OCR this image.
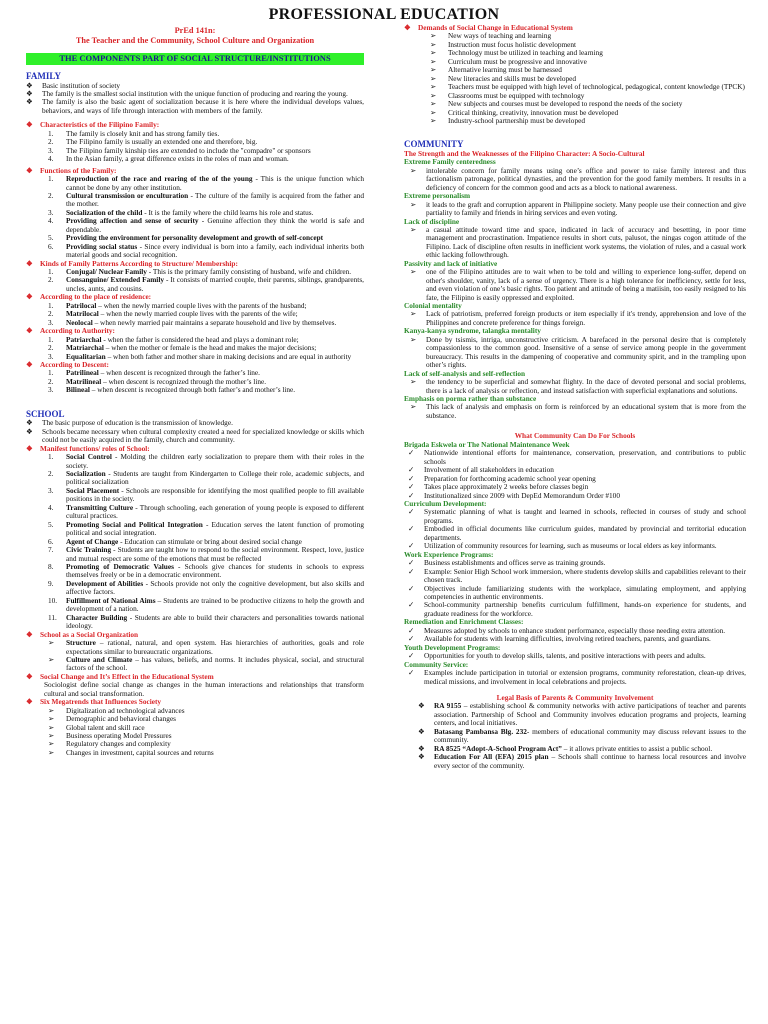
PROFESSIONAL EDUCATION
PrEd 141n:
The Teacher and the Community, School Culture and Organization
THE COMPONENTS PART OF SOCIAL STRUCTURE/INSTITUTIONS
FAMILY
❖	Basic institution of society
❖	The family is the smallest social institution with the unique function of producing and rearing the young.
❖	The family is also the basic agent of socialization because it is here where the individual develops values, behaviors, and ways of life through interaction with members of the family.
❖	Characteristics of the Filipino Family:
1.	The family is closely knit and has strong family ties.
2.	The Filipino family is usually an extended one and therefore, big.
3.	The Filipino family kinship ties are extended to include the "compadre" or sponsors
4.	In the Asian family, a great difference exists in the roles of man and woman.
❖	Functions of the Family:
1.	Reproduction of the race and rearing of the of the young - This is the unique function which cannot be done by any other institution.
2.	Cultural transmission or enculturation - The culture of the family is acquired from the father and the mother.
3.	Socialization of the child - It is the family where the child learns his role and status.
4.	Providing affection and sense of security - Genuine affection they think the world is safe and dependable.
5.	Providing the environment for personality development and growth of self-concept
6.	Providing social status - Since every individual is born into a family, each individual inherits both material goods and social recognition.
❖	Kinds of Family Patterns According to Structure/ Membership:
1.	Conjugal/ Nuclear Family - This is the primary family consisting of husband, wife and children.
2.	Consanguine/ Extended Family - It consists of married couple, their parents, siblings, grandparents, uncles, aunts, and cousins.
❖	According to the place of residence:
1.	Patrilocal – when the newly married couple lives with the parents of the husband;
2.	Matrilocal – when the newly married couple lives with the parents of the wife;
3.	Neolocal – when newly married pair maintains a separate household and live by themselves.
❖	According to Authority:
1.	Patriarchal - when the father is considered the head and plays a dominant role;
2.	Matriarchal – when the mother or female is the head and makes the major decisions;
3.	Equalitarian – when both father and mother share in making decisions and are equal in authority
❖	According to Descent:
1.	Patrilineal – when descent is recognized through the father’s line.
2.	Matrilineal – when descent is recognized through the mother’s line.
3.	Bilineal – when descent is recognized through both father’s and mother’s line.
SCHOOL
❖	The basic purpose of education is the transmission of knowledge.
❖	Schools became necessary when cultural complexity created a need for specialized knowledge or skills which could not be easily acquired in the family, church and community.
❖	Manifest functions/ roles of School:
1.	Social Control - Molding the children early socialization to prepare them with their roles in the society.
2.	Socialization - Students are taught from Kindergarten to College their role, academic subjects, and political socialization
3.	Social Placement - Schools are responsible for identifying the most qualified people to fill available positions in the society.
4.	Transmitting Culture - Through schooling, each generation of young people is exposed to different cultural practices.
5.	Promoting Social and Political Integration - Education serves the latent function of promoting political and social integration.
6.	Agent of Change - Education can stimulate or bring about desired social change
7.	Civic Training - Students are taught how to respond to the social environment. Respect, love, justice and mutual respect are some of the emotions that must be reflected
8.	Promoting of Democratic Values - Schools give chances for students in schools to express themselves freely or be in a democratic environment.
9.	Development of Abilities - Schools provide not only the cognitive development, but also skills and affective factors.
10.	Fulfillment of National Aims – Students are trained to be productive citizens to help the growth and development of a nation.
11.	Character Building - Students are able to build their characters and personalities towards national ideology.
❖	School as a Social Organization
➢	Structure – rational, natural, and open system. Has hierarchies of authorities, goals and role expectations similar to bureaucratic organizations.
➢	Culture and Climate – has values, beliefs, and norms. It includes physical, social, and structural factors of the school.
❖	Social Change and It’s Effect in the Educational System
Sociologist define social change as changes in the human interactions and relationships that transform cultural and social transformation.
❖	Six Megatrends that Influences Society
➢	Digitalization ad technological advances
➢	Demographic and behavioral changes
➢	Global talent and skill race
➢	Business operating Model Pressures
➢	Regulatory changes and complexity
➢	Changes in investment, capital sources and returns
❖	Demands of Social Change in Educational System
➢	New ways of teaching and learning
➢	Instruction must focus holistic development
➢	Technology must be utilized in teaching and learning
➢	Curriculum must be progressive and innovative
➢	Alternative learning must be harnessed
➢	New literacies and skills must be developed
➢	Teachers must be equipped with high level of technological, pedagogical, content knowledge (TPCK)
➢	Classrooms must be equipped with technology
➢	New subjects and courses must be developed to respond the needs of the society
➢	Critical thinking, creativity, innovation must be developed
➢	Industry-school partnership must be developed
COMMUNITY
The Strength and the Weaknesses of the Filipino Character: A Socio-Cultural
Extreme Family centeredness
➢	intolerable concern for family means using one’s office and power to raise family interest and thus factionalism patronage, political dynasties, and the prevention for the good family members. It results in a deficiency of concern for the common good and acts as a block to national awareness.
Extreme personalism
➢	it leads to the graft and corruption apparent in Philippine society. Many people use their connection and give partiality to family and friends in hiring services and even voting.
Lack of discipline
➢	a casual attitude toward time and space, indicated in lack of accuracy and besetting, in poor time management and procrastination. Impatience results in short cuts, palusot, the ningas cogon attitude of the Filipino. Lack of discipline often results in inefficient work systems, the violation of rules, and a casual work ethic lacking followthrough.
Passivity and lack of initiative
➢	one of the Filipino attitudes are to wait when to be told and willing to experience long-suffer, depend on other's shoulder, vanity, lack of a sense of urgency. There is a high tolerance for inefficiency, settle for less, and even violation of one’s basic rights. Too patient and attitude of being a matiisin, too easily resigned to his fate, the Filipino is easily oppressed and exploited.
Colonial mentality
➢	Lack of patriotism, preferred foreign products or item especially if it's trendy, apprehension and love of the Philippines and concrete preference for things foreign.
Kanya-kanya syndrome, talangka mentality
➢	Done by tsismis, intriga, unconstructive criticism. A barefaced in the personal desire that is completely compassionless to the common good. Insensitive of a sense of service among people in the government bureaucracy. This results in the dampening of cooperative and community spirit, and in the trampling upon other’s rights.
Lack of self-analysis and self-reflection
➢	the tendency to be superficial and somewhat flighty. In the dace of devoted personal and social problems, there is a lack of analysis or reflection, and instead satisfaction with superficial explanations and solutions.
Emphasis on porma rather than substance
➢	This lack of analysis and emphasis on form is reinforced by an educational system that is more from the substance.
What Community Can Do For Schools
Brigada Eskwela or The National Maintenance Week
✓	Nationwide intentional efforts for maintenance, conservation, preservation, and contributions to public schools
✓	Involvement of all stakeholders in education
✓	Preparation for forthcoming academic school year opening
✓	Takes place approximately 2 weeks before classes begin
✓	Institutionalized since 2009 with DepEd Memorandum Order #100
Curriculum Development:
✓	Systematic planning of what is taught and learned in schools, reflected in courses of study and school programs.
✓	Embodied in official documents like curriculum guides, mandated by provincial and territorial education departments.
✓	Utilization of community resources for learning, such as museums or local elders as key informants.
Work Experience Programs:
✓	Business establishments and offices serve as training grounds.
✓	Example: Senior High School work immersion, where students develop skills and capabilities relevant to their chosen track.
✓	Objectives include familiarizing students with the workplace, simulating employment, and applying competencies in authentic environments.
✓	School-community partnership benefits curriculum fulfillment, hands-on experience for students, and graduate readiness for the workforce.
Remediation and Enrichment Classes:
✓	Measures adopted by schools to enhance student performance, especially those needing extra attention.
✓	Available for students with learning difficulties, involving retired teachers, parents, and guardians.
Youth Development Programs:
✓	Opportunities for youth to develop skills, talents, and positive interactions with peers and adults.
Community Service:
✓	Examples include participation in tutorial or extension programs, community reforestation, clean-up drives, medical missions, and involvement in local celebrations and projects.
Legal Basis of Parents & Community Involvement
❖	RA 9155 – establishing school & community networks with active participations of teacher and parents association. Partnership of School and Community involves education programs and projects, learning centers, and local initiatives.
❖	Batasang Pambansa Blg. 232- members of educational community may discuss relevant issues to the community.
❖	RA 8525 “Adopt-A-School Program Act” – it allows private entities to assist a public school.
❖	Education For All (EFA) 2015 plan – Schools shall continue to harness local resources and involve every sector of the community.
